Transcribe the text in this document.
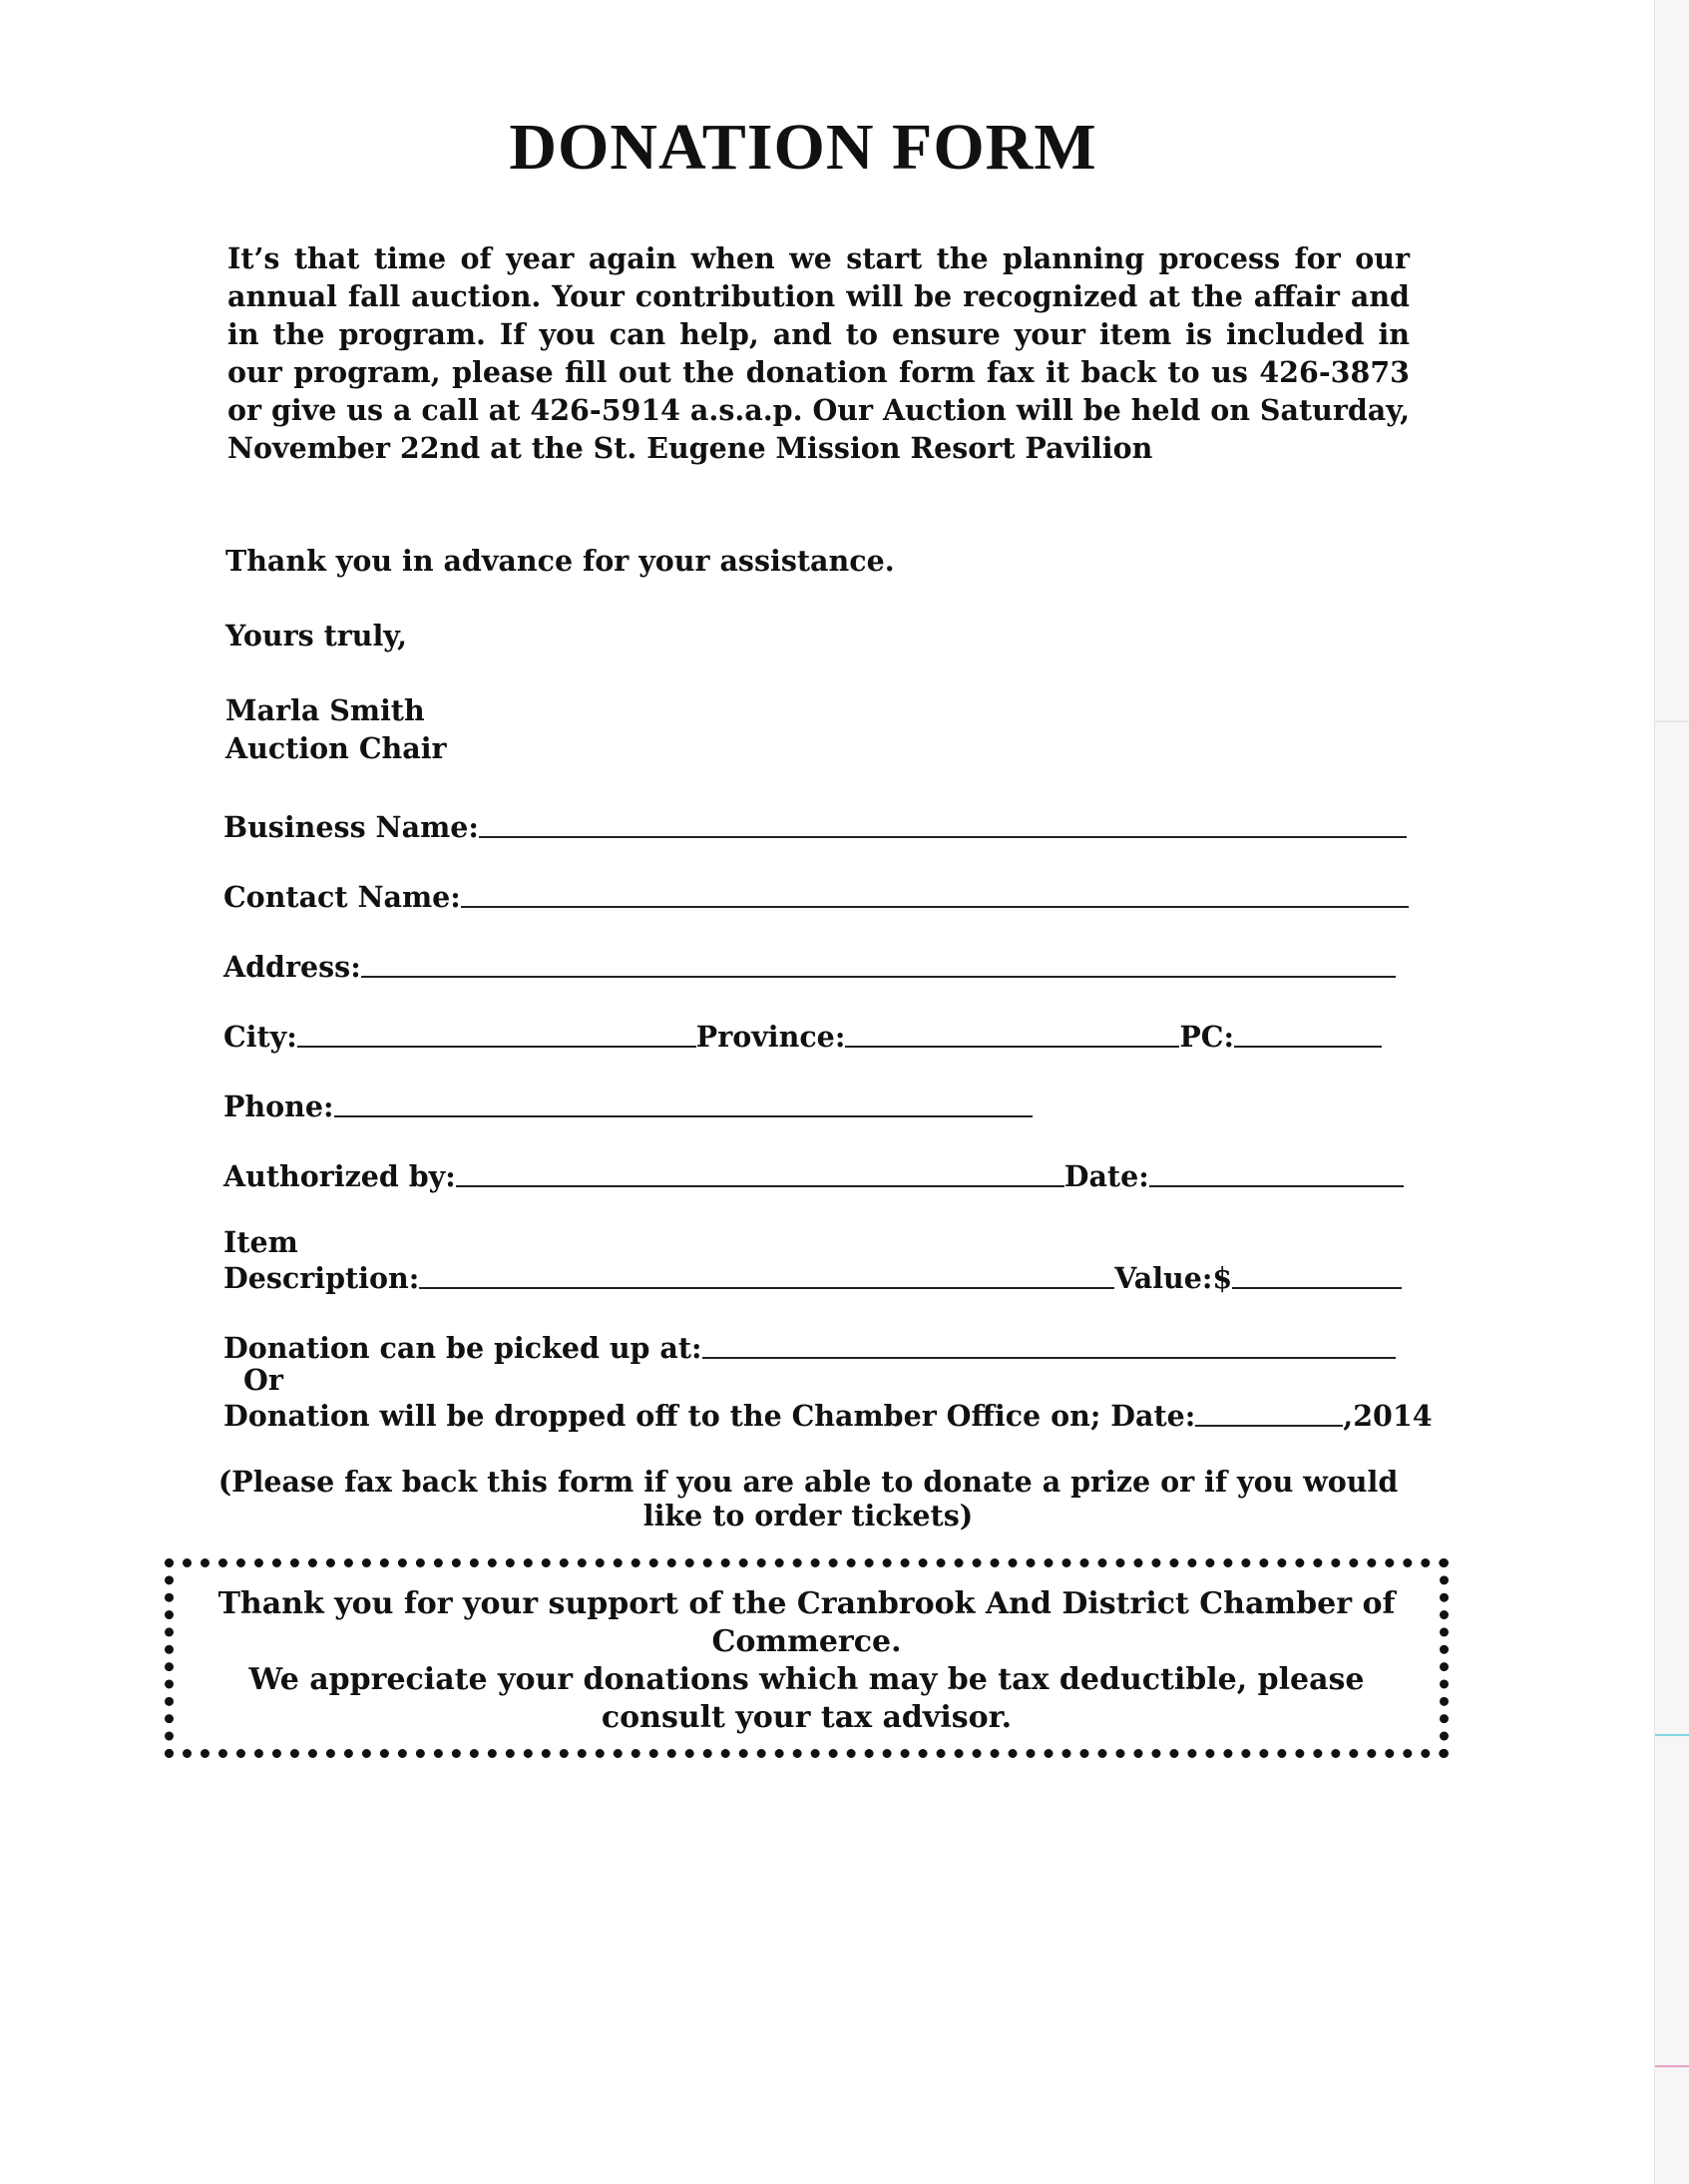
DONATION FORM

It’s that time of year again when we start the planning process for our annual fall auction. Your contribution will be recognized at the affair and in the program. If you can help, and to ensure your item is included in our program, please fill out the donation form fax it back to us 426-3873 or give us a call at 426-5914 a.s.a.p. Our Auction will be held on Saturday, November 22nd at the St. Eugene Mission Resort Pavilion

Thank you in advance for your assistance.

Yours truly,

Marla Smith

Auction Chair

Business Name:
Contact Name:
Address:
City:	Province:	PC:
Phone:
Authorized by:	Date:

Item

Description:	Value:$
Donation can be picked up at:

Or

Donation will be dropped off to the Chamber Office on; Date:	,2014

(Please fax back this form if you are able to donate a prize or if you would like to order tickets)

Thank you for your support of the Cranbrook And District Chamber of Commerce.

We appreciate your donations which may be tax deductible, please consult your tax advisor.
